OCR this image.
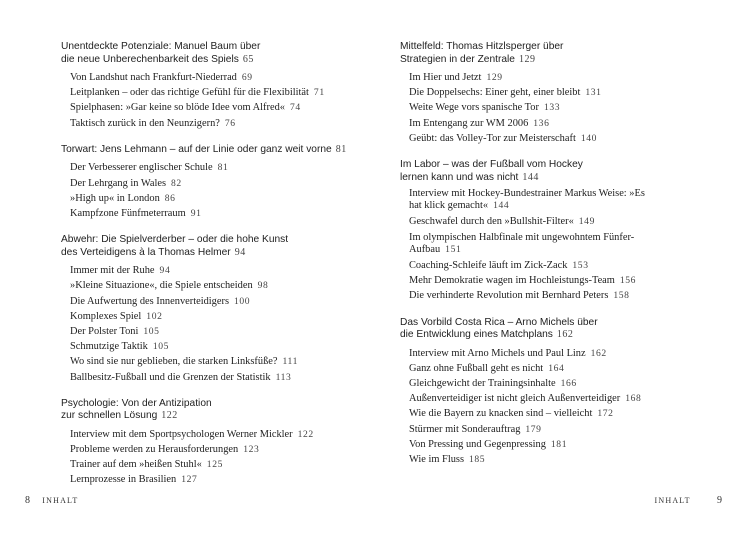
Unentdeckte Potenziale: Manuel Baum über
die neue Unberechenbarkeit des Spiels 65
Von Landshut nach Frankfurt-Niederrad 69
Leitplanken – oder das richtige Gefühl für die Flexibilität 71
Spielphasen: »Gar keine so blöde Idee vom Alfred« 74
Taktisch zurück in den Neunzigern? 76
Torwart: Jens Lehmann – auf der Linie oder ganz weit vorne 81
Der Verbesserer englischer Schule 81
Der Lehrgang in Wales 82
»High up« in London 86
Kampfzone Fünfmeterraum 91
Abwehr: Die Spielverderber – oder die hohe Kunst
des Verteidigens à la Thomas Helmer 94
Immer mit der Ruhe 94
»Kleine Situazione«, die Spiele entscheiden 98
Die Aufwertung des Innenverteidigers 100
Komplexes Spiel 102
Der Polster Toni 105
Schmutzige Taktik 105
Wo sind sie nur geblieben, die starken Linksfüße? 111
Ballbesitz-Fußball und die Grenzen der Statistik 113
Psychologie: Von der Antizipation
zur schnellen Lösung 122
Interview mit dem Sportpsychologen Werner Mickler 122
Probleme werden zu Herausforderungen 123
Trainer auf dem »heißen Stuhl« 125
Lernprozesse in Brasilien 127
8 INHALT
Mittelfeld: Thomas Hitzlsperger über
Strategien in der Zentrale 129
Im Hier und Jetzt 129
Die Doppelsechs: Einer geht, einer bleibt 131
Weite Wege vors spanische Tor 133
Im Entengang zur WM 2006 136
Geübt: das Volley-Tor zur Meisterschaft 140
Im Labor – was der Fußball vom Hockey
lernen kann und was nicht 144
Interview mit Hockey-Bundestrainer Markus Weise: »Es hat klick gemacht« 144
Geschwafel durch den »Bullshit-Filter« 149
Im olympischen Halbfinale mit ungewohntem Fünfer-Aufbau 151
Coaching-Schleife läuft im Zick-Zack 153
Mehr Demokratie wagen im Hochleistungs-Team 156
Die verhinderte Revolution mit Bernhard Peters 158
Das Vorbild Costa Rica – Arno Michels über
die Entwicklung eines Matchplans 162
Interview mit Arno Michels und Paul Linz 162
Ganz ohne Fußball geht es nicht 164
Gleichgewicht der Trainingsinhalte 166
Außenverteidiger ist nicht gleich Außenverteidiger 168
Wie die Bayern zu knacken sind – vielleicht 172
Stürmer mit Sonderauftrag 179
Von Pressing und Gegenpressing 181
Wie im Fluss 185
INHALT	9
